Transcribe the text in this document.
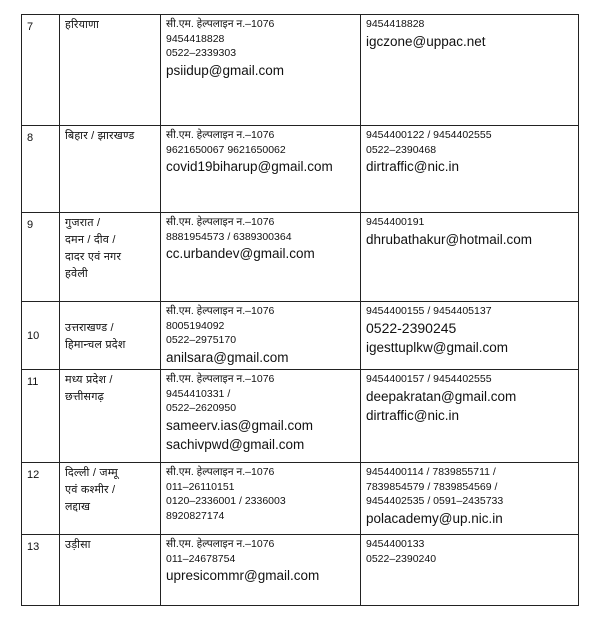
7	हरियाणा	सी.एम. हेल्पलाइन न.–1076
9454418828
0522–2339303
psiidup@gmail.com	9454418828
igczone@uppac.net

8	बिहार / झारखण्ड	सी.एम. हेल्पलाइन न.–1076
9621650067 9621650062
covid19biharup@gmail.com	9454400122 / 9454402555
0522–2390468
dirtraffic@nic.in

9	गुजरात /
दमन / दीव /
दादर एवं नगर
हवेली	सी.एम. हेल्पलाइन न.–1076
8881954573 / 6389300364
cc.urbandev@gmail.com	9454400191
dhrubathakur@hotmail.com

10	उत्तराखण्ड /
हिमान्चल प्रदेश	सी.एम. हेल्पलाइन न.–1076
8005194092
0522–2975170
anilsara@gmail.com	9454400155 / 9454405137
0522-2390245
igesttuplkw@gmail.com

11	मध्य प्रदेश /
छत्तीसगढ़	सी.एम. हेल्पलाइन न.–1076
9454410331 /
0522–2620950
sameerv.ias@gmail.com
sachivpwd@gmail.com	9454400157 / 9454402555
deepakratan@gmail.com
dirtraffic@nic.in

12	दिल्ली / जम्मू
एवं कश्मीर /
लद्दाख	सी.एम. हेल्पलाइन न.–1076
011–26110151
0120–2336001 / 2336003
8920827174	9454400114 / 7839855711 /
7839854579 / 7839854569 /
9454402535 / 0591–2435733
polacademy@up.nic.in

13	उड़ीसा	सी.एम. हेल्पलाइन न.–1076
011–24678754
upresicommr@gmail.com	9454400133
0522–2390240
